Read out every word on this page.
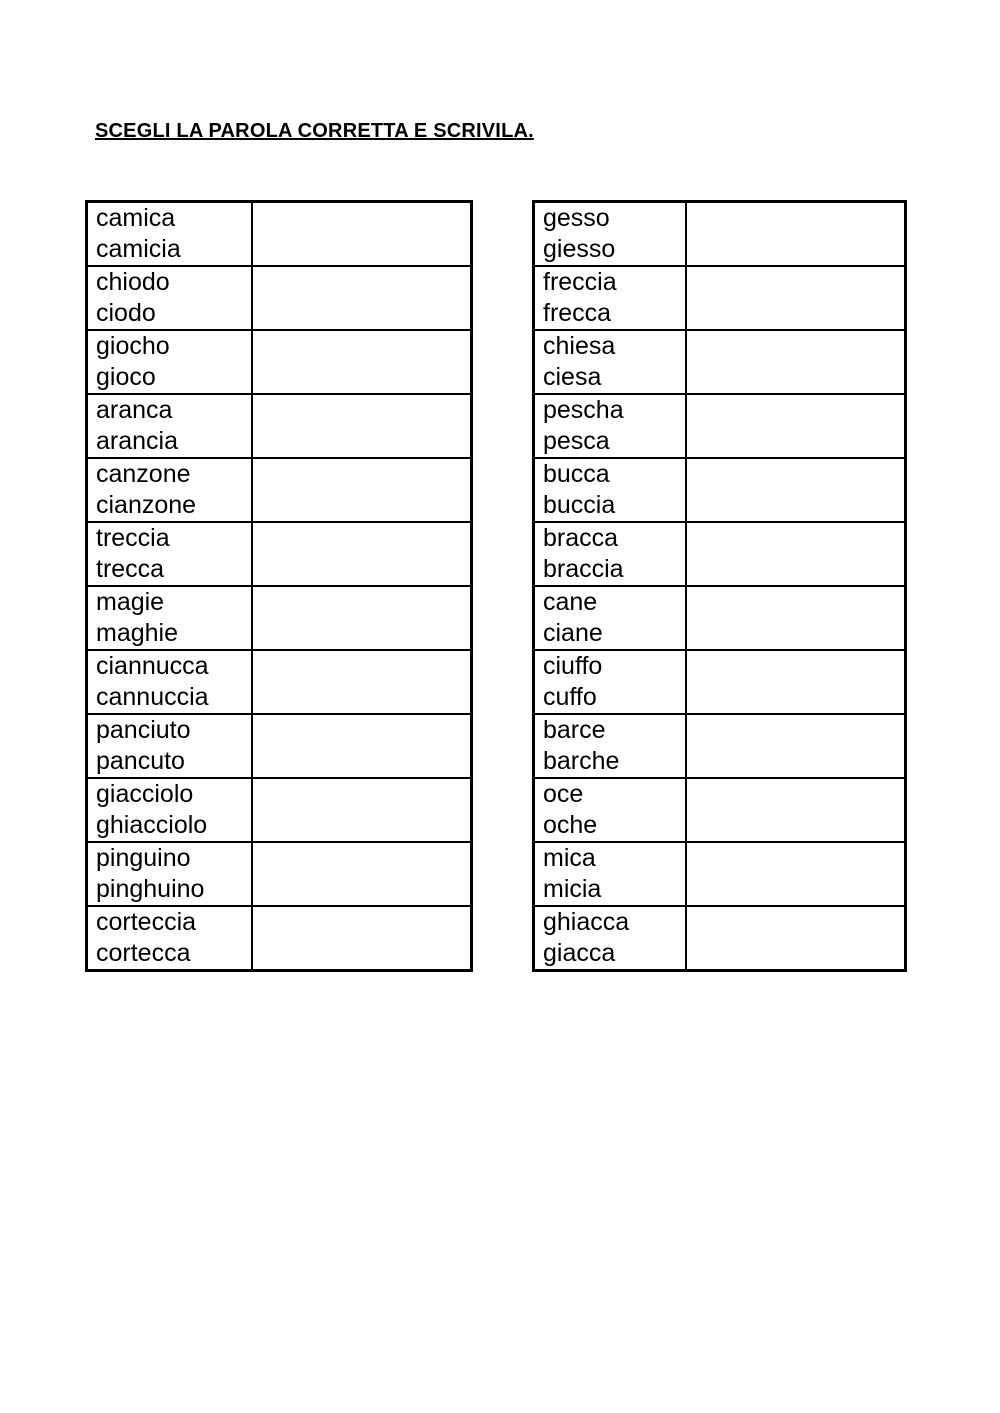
SCEGLI LA PAROLA CORRETTA E SCRIVILA.
camica
camicia	

chiodo
ciodo	

giocho
gioco	

aranca
arancia	

canzone
cianzone	

treccia
trecca	

magie
maghie	

ciannucca
cannuccia	

panciuto
pancuto	

giacciolo
ghiacciolo	

pinguino
pinghuino	

corteccia
cortecca	

gesso
giesso	

freccia
frecca	

chiesa
ciesa	

pescha
pesca	

bucca
buccia	

bracca
braccia	

cane
ciane	

ciuffo
cuffo	

barce
barche	

oce
oche	

mica
micia	

ghiacca
giacca	
